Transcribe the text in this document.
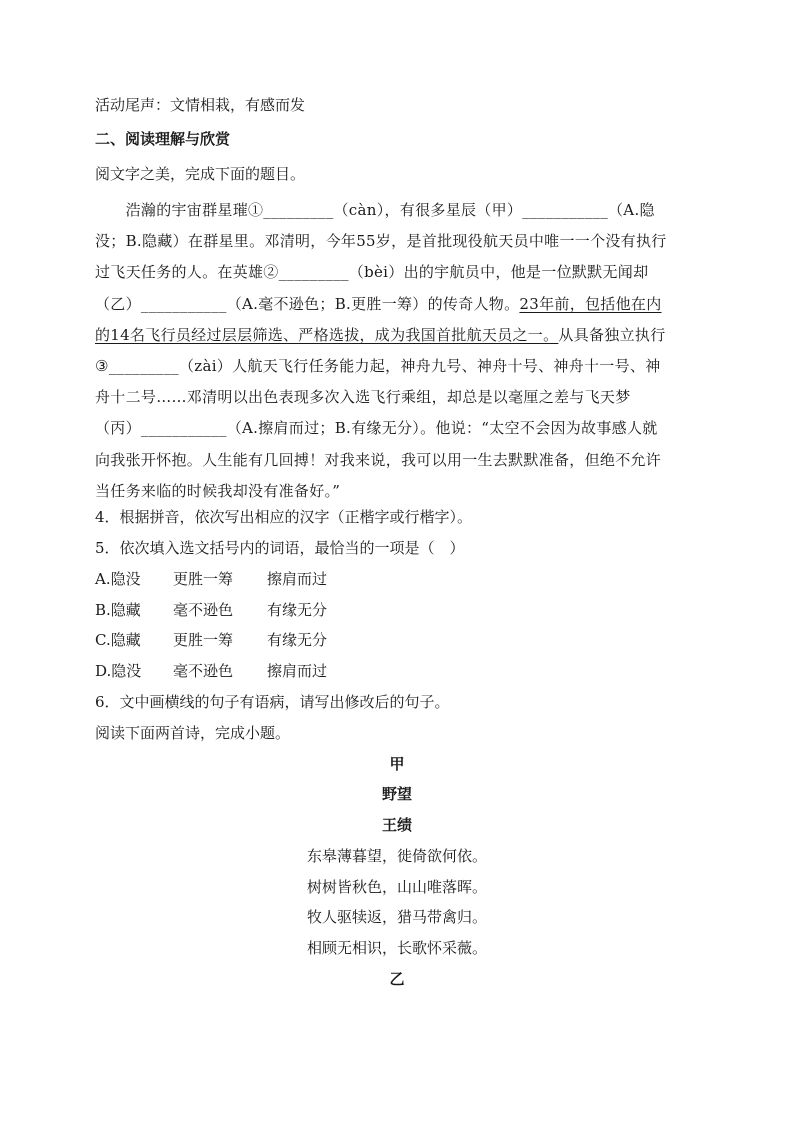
活动尾声：文情相栽，有感而发
二、阅读理解与欣赏
阅文字之美，完成下面的题目。

　　浩瀚的宇宙群星璀①_________（càn），有很多星辰（甲）___________（A.隐

没；B.隐藏）在群星里。邓清明，今年55岁，是首批现役航天员中唯一一个没有执行

过飞天任务的人。在英雄②_________（bèi）出的宇航员中，他是一位默默无闻却

（乙）___________（A.毫不逊色；B.更胜一筹）的传奇人物。23年前，包括他在内

的14名飞行员经过层层筛选、严格选拔，成为我国首批航天员之一。从具备独立执行

③_________（zài）人航天飞行任务能力起，神舟九号、神舟十号、神舟十一号、神

舟十二号……邓清明以出色表现多次入选飞行乘组，却总是以毫厘之差与飞天梦

（丙）___________（A.擦肩而过；B.有缘无分）。他说：“太空不会因为故事感人就

向我张开怀抱。人生能有几回搏！对我来说，我可以用一生去默默准备，但绝不允许

当任务来临的时候我却没有准备好。”

4．根据拼音，依次写出相应的汉字（正楷字或行楷字）。
5．依次填入选文括号内的词语，最恰当的一项是（　）
A.隐没 更胜一筹 擦肩而过
B.隐藏 毫不逊色 有缘无分
C.隐藏 更胜一筹 有缘无分
D.隐没 毫不逊色 擦肩而过
6．文中画横线的句子有语病，请写出修改后的句子。
阅读下面两首诗，完成小题。
甲
野望
王绩
东皋薄暮望，徙倚欲何依。
树树皆秋色，山山唯落晖。
牧人驱犊返，猎马带禽归。
相顾无相识，长歌怀采薇。
乙
